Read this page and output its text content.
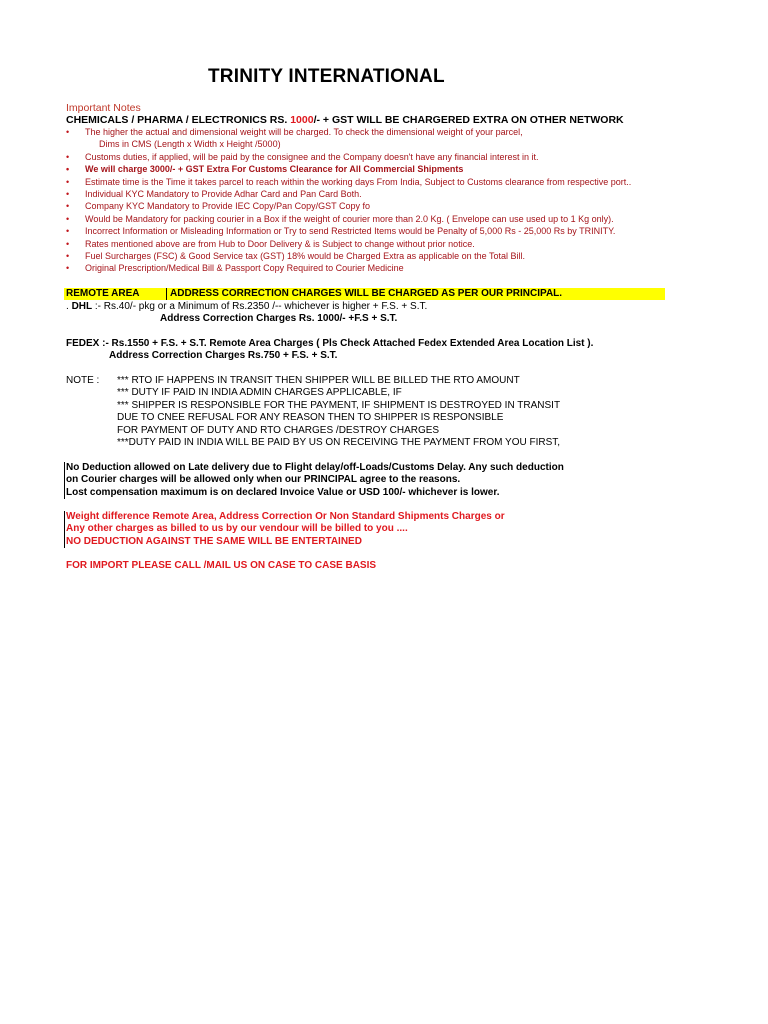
TRINITY INTERNATIONAL
Important Notes
CHEMICALS / PHARMA / ELECTRONICS RS. 1000/- + GST WILL BE CHARGERED EXTRA ON OTHER NETWORK
• The higher the actual and dimensional weight will be charged. To check the dimensional weight of your parcel,
Dims in CMS (Length x Width x Height /5000)
• Customs duties, if applied, will be paid by the consignee and the Company doesn't have any financial interest in it.
• We will charge 3000/- + GST Extra For Customs Clearance for All Commercial Shipments
• Estimate time is the Time it takes parcel to reach within the working days From India, Subject to Customs clearance from respective port..
• Individual KYC Mandatory to Provide Adhar Card and Pan Card Both.
• Company KYC Mandatory to Provide IEC Copy/Pan Copy/GST Copy fo
• Would be Mandatory for packing courier in a Box if the weight of courier more than 2.0 Kg. ( Envelope can use used up to 1 Kg only).
• Incorrect Information or Misleading Information or Try to send Restricted Items would be Penalty of 5,000 Rs - 25,000 Rs by TRINITY.
• Rates mentioned above are from Hub to Door Delivery & is Subject to change without prior notice.
• Fuel Surcharges (FSC) & Good Service tax (GST) 18% would be Charged Extra as applicable on the Total Bill.
• Original Prescription/Medical Bill & Passport Copy Required to Courier Medicine
REMOTE AREA	ADDRESS CORRECTION CHARGES WILL BE CHARGED AS PER OUR PRINCIPAL.
. DHL :- Rs.40/- pkg or a Minimum of Rs.2350 /-- whichever is higher + F.S. + S.T.
Address Correction Charges Rs. 1000/- +F.S + S.T.
FEDEX :- Rs.1550 + F.S. + S.T. Remote Area Charges ( Pls Check Attached Fedex Extended Area Location List ).
Address Correction Charges Rs.750 + F.S. + S.T.
NOTE : *** RTO IF HAPPENS IN TRANSIT THEN SHIPPER WILL BE BILLED THE RTO AMOUNT
*** DUTY IF PAID IN INDIA ADMIN CHARGES APPLICABLE, IF
*** SHIPPER IS RESPONSIBLE FOR THE PAYMENT, IF SHIPMENT IS DESTROYED IN TRANSIT
DUE TO CNEE REFUSAL FOR ANY REASON THEN TO SHIPPER IS RESPONSIBLE
FOR PAYMENT OF DUTY AND RTO CHARGES /DESTROY CHARGES
***DUTY PAID IN INDIA WILL BE PAID BY US ON RECEIVING THE PAYMENT FROM YOU FIRST,
No Deduction allowed on Late delivery due to Flight delay/off-Loads/Customs Delay. Any such deduction
on Courier charges will be allowed only when our PRINCIPAL agree to the reasons.
Lost compensation maximum is on declared Invoice Value or USD 100/- whichever is lower.
Weight difference Remote Area, Address Correction Or Non Standard Shipments Charges or
Any other charges as billed to us by our vendour will be billed to you ....
NO DEDUCTION AGAINST THE SAME WILL BE ENTERTAINED
FOR IMPORT PLEASE CALL /MAIL US ON CASE TO CASE BASIS
